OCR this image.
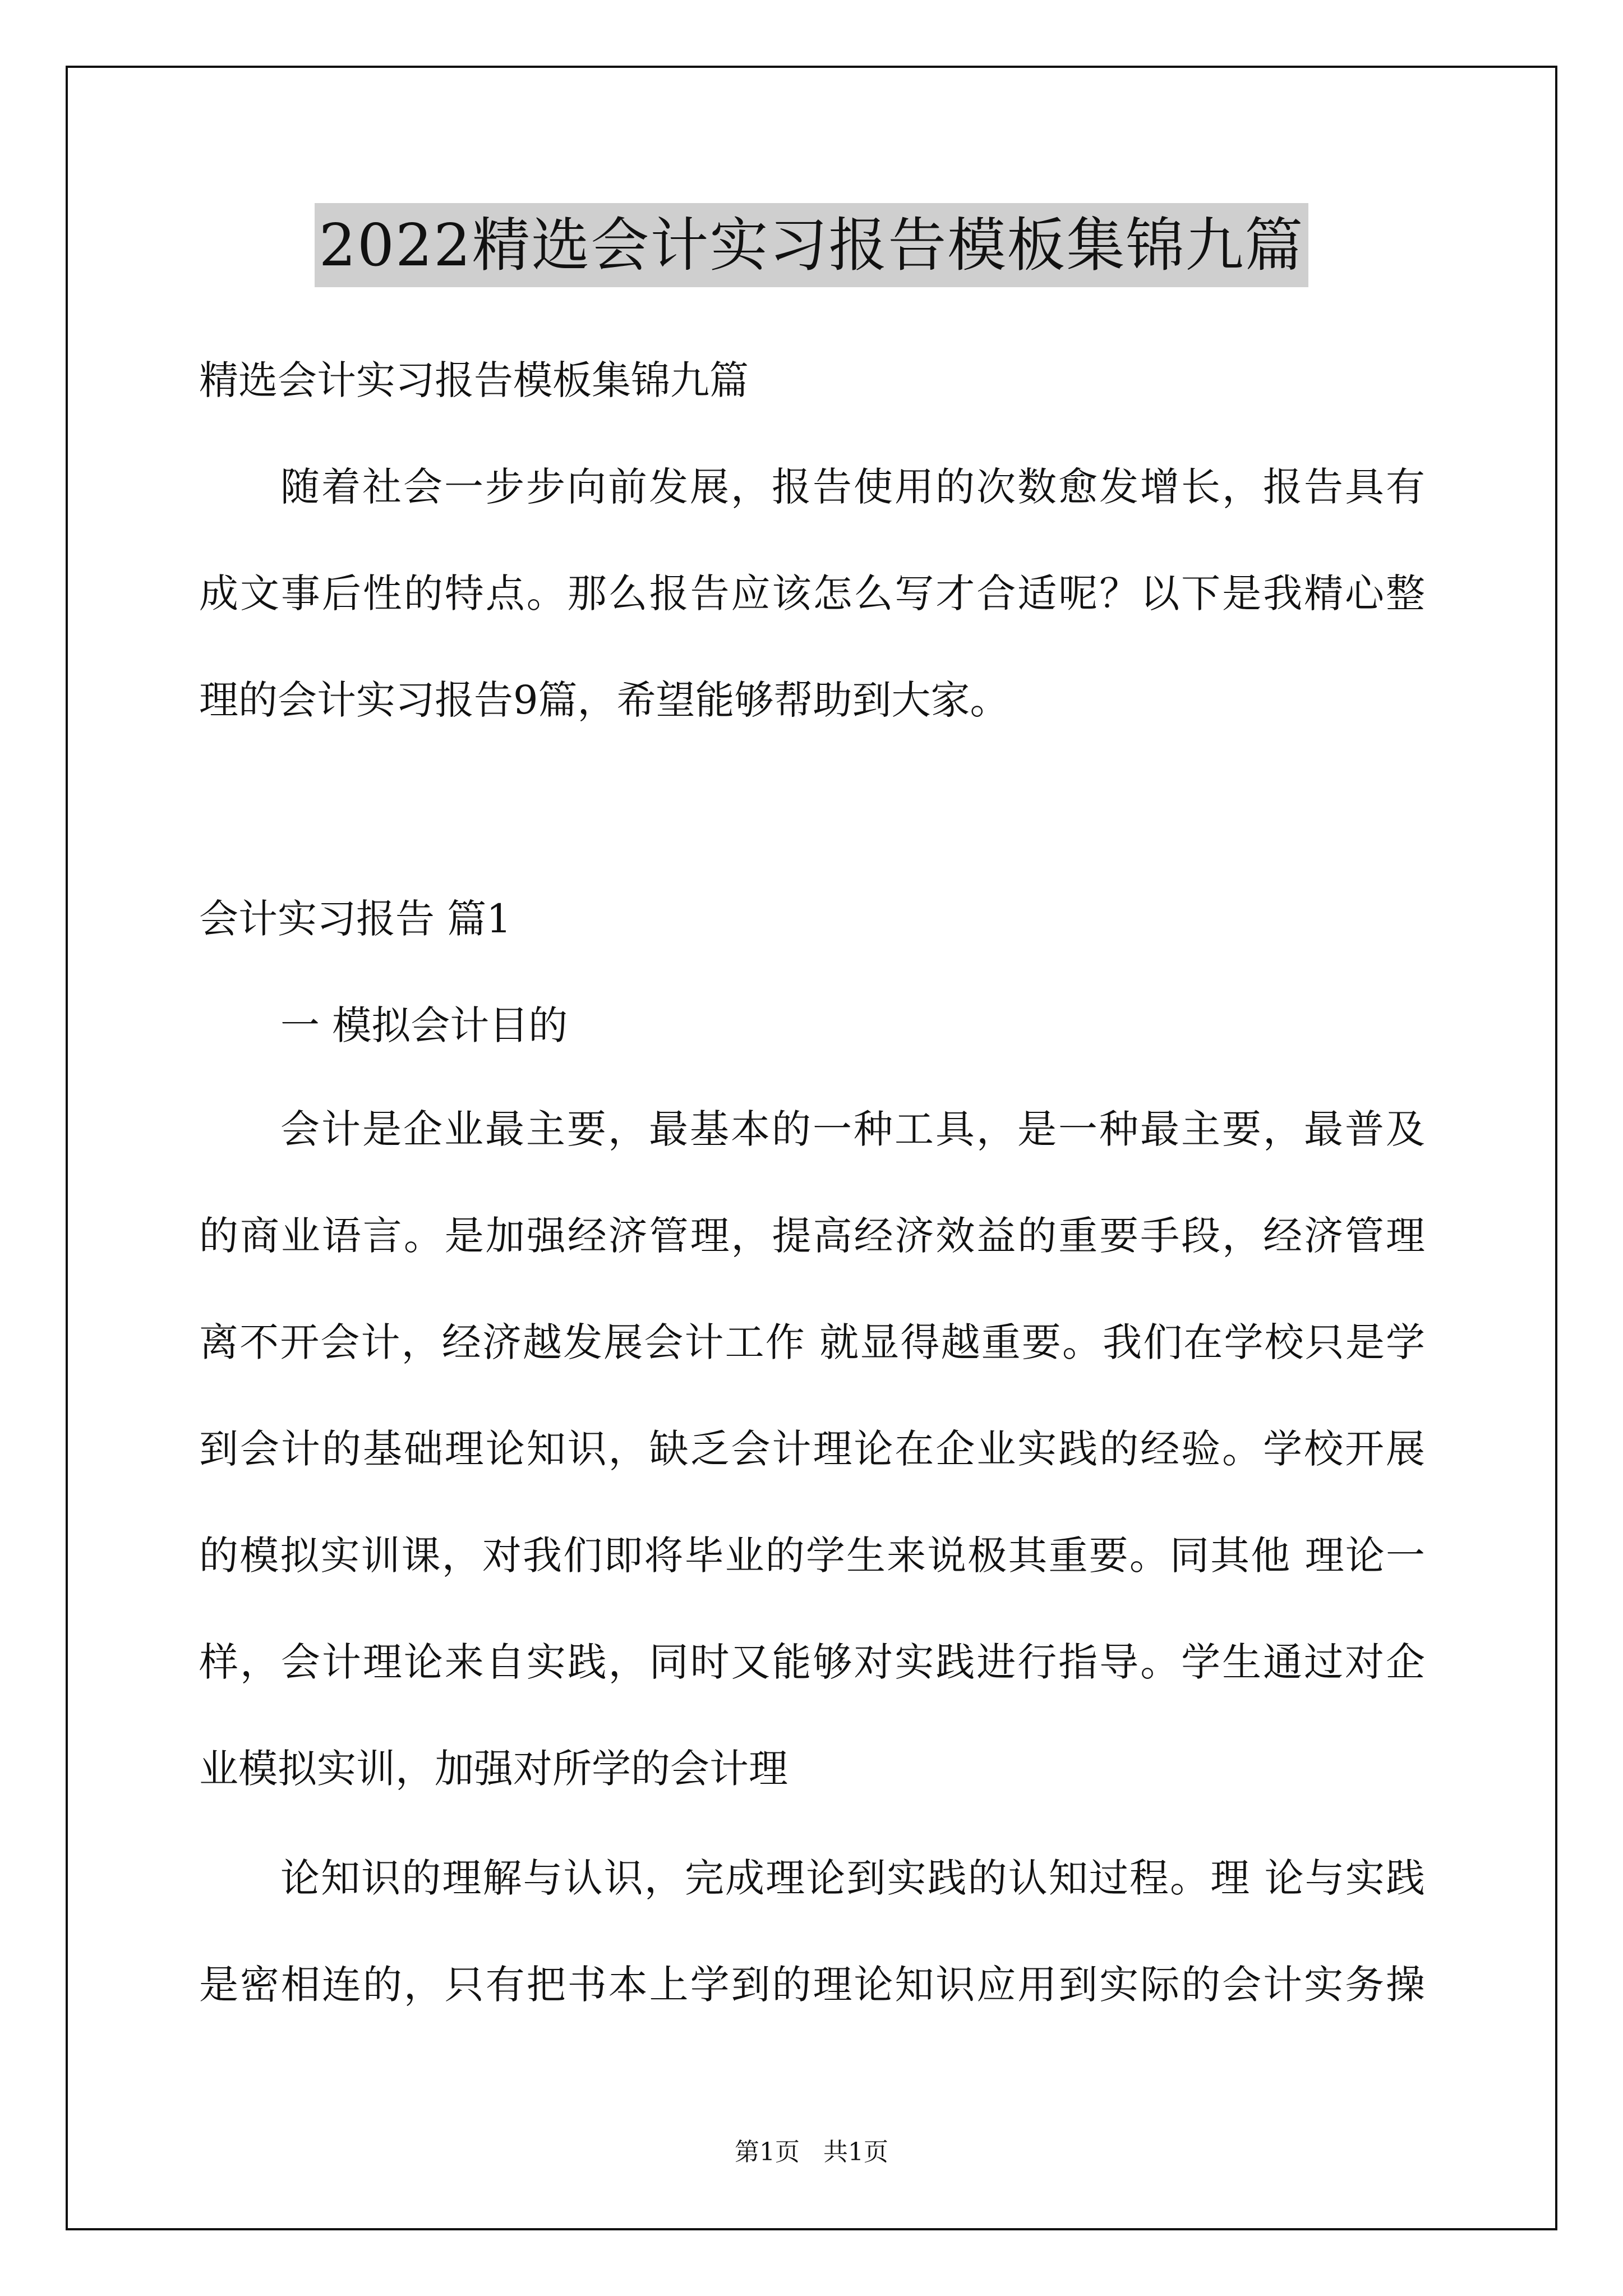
2022精选会计实习报告模板集锦九篇
精选会计实习报告模板集锦九篇
随着社会一步步向前发展，报告使用的次数愈发增长，报告具有
成文事后性的特点。那么报告应该怎么写才合适呢？以下是我精心整
理的会计实习报告9篇，希望能够帮助到大家。
会计实习报告 篇1
一 模拟会计目的
会计是企业最主要，最基本的一种工具，是一种最主要，最普及
的商业语言。是加强经济管理，提高经济效益的重要手段，经济管理
离不开会计，经济越发展会计工作 就显得越重要。我们在学校只是学
到会计的基础理论知识，缺乏会计理论在企业实践的经验。学校开展
的模拟实训课，对我们即将毕业的学生来说极其重要。同其他 理论一
样，会计理论来自实践，同时又能够对实践进行指导。学生通过对企
业模拟实训，加强对所学的会计理
论知识的理解与认识，完成理论到实践的认知过程。理 论与实践
是密相连的，只有把书本上学到的理论知识应用到实际的会计实务操
第1页   共1页
